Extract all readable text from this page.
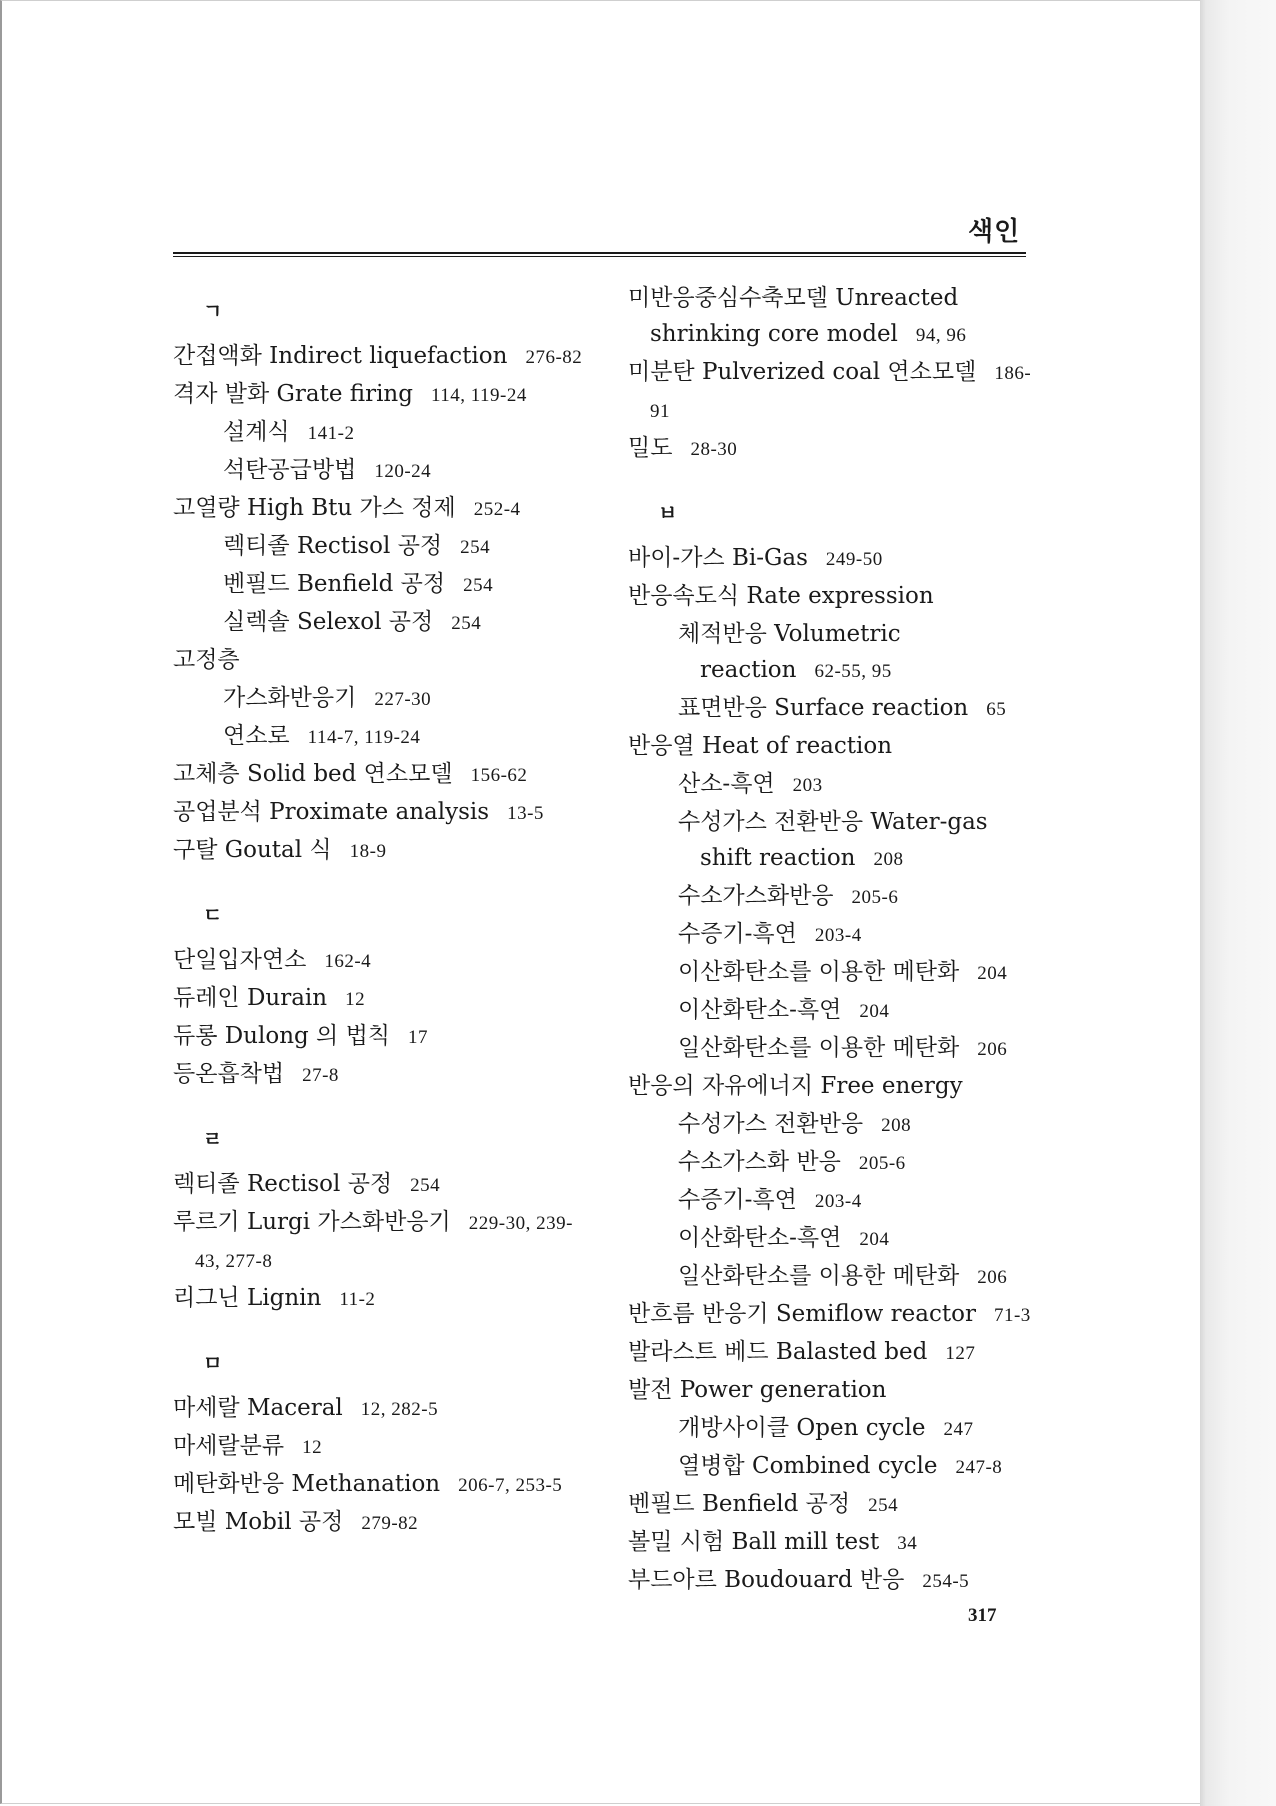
색인
ㄱ
간접액화 Indirect liquefaction 276-82
격자 발화 Grate firing 114, 119-24
설계식 141-2
석탄공급방법 120-24
고열량 High Btu 가스 정제 252-4
렉티졸 Rectisol 공정 254
벤필드 Benfield 공정 254
실렉솔 Selexol 공정 254
고정층
가스화반응기 227-30
연소로 114-7, 119-24
고체층 Solid bed 연소모델 156-62
공업분석 Proximate analysis 13-5
구탈 Goutal 식 18-9
ㄷ
단일입자연소 162-4
듀레인 Durain 12
듀롱 Dulong 의 법칙 17
등온흡착법 27-8
ㄹ
렉티졸 Rectisol 공정 254
루르기 Lurgi 가스화반응기 229-30, 239-43, 277-8
리그닌 Lignin 11-2
ㅁ
마세랄 Maceral 12, 282-5
마세랄분류 12
메탄화반응 Methanation 206-7, 253-5
모빌 Mobil 공정 279-82
미반응중심수축모델 Unreacted shrinking core model 94, 96
미분탄 Pulverized coal 연소모델 186-91
밀도 28-30
ㅂ
바이-가스 Bi-Gas 249-50
반응속도식 Rate expression
체적반응 Volumetric reaction 62-55, 95
표면반응 Surface reaction 65
반응열 Heat of reaction
산소-흑연 203
수성가스 전환반응 Water-gas shift reaction 208
수소가스화반응 205-6
수증기-흑연 203-4
이산화탄소를 이용한 메탄화 204
이산화탄소-흑연 204
일산화탄소를 이용한 메탄화 206
반응의 자유에너지 Free energy
수성가스 전환반응 208
수소가스화 반응 205-6
수증기-흑연 203-4
이산화탄소-흑연 204
일산화탄소를 이용한 메탄화 206
반흐름 반응기 Semiflow reactor 71-3
발라스트 베드 Balasted bed 127
발전 Power generation
개방사이클 Open cycle 247
열병합 Combined cycle 247-8
벤필드 Benfield 공정 254
볼밀 시험 Ball mill test 34
부드아르 Boudouard 반응 254-5
317
